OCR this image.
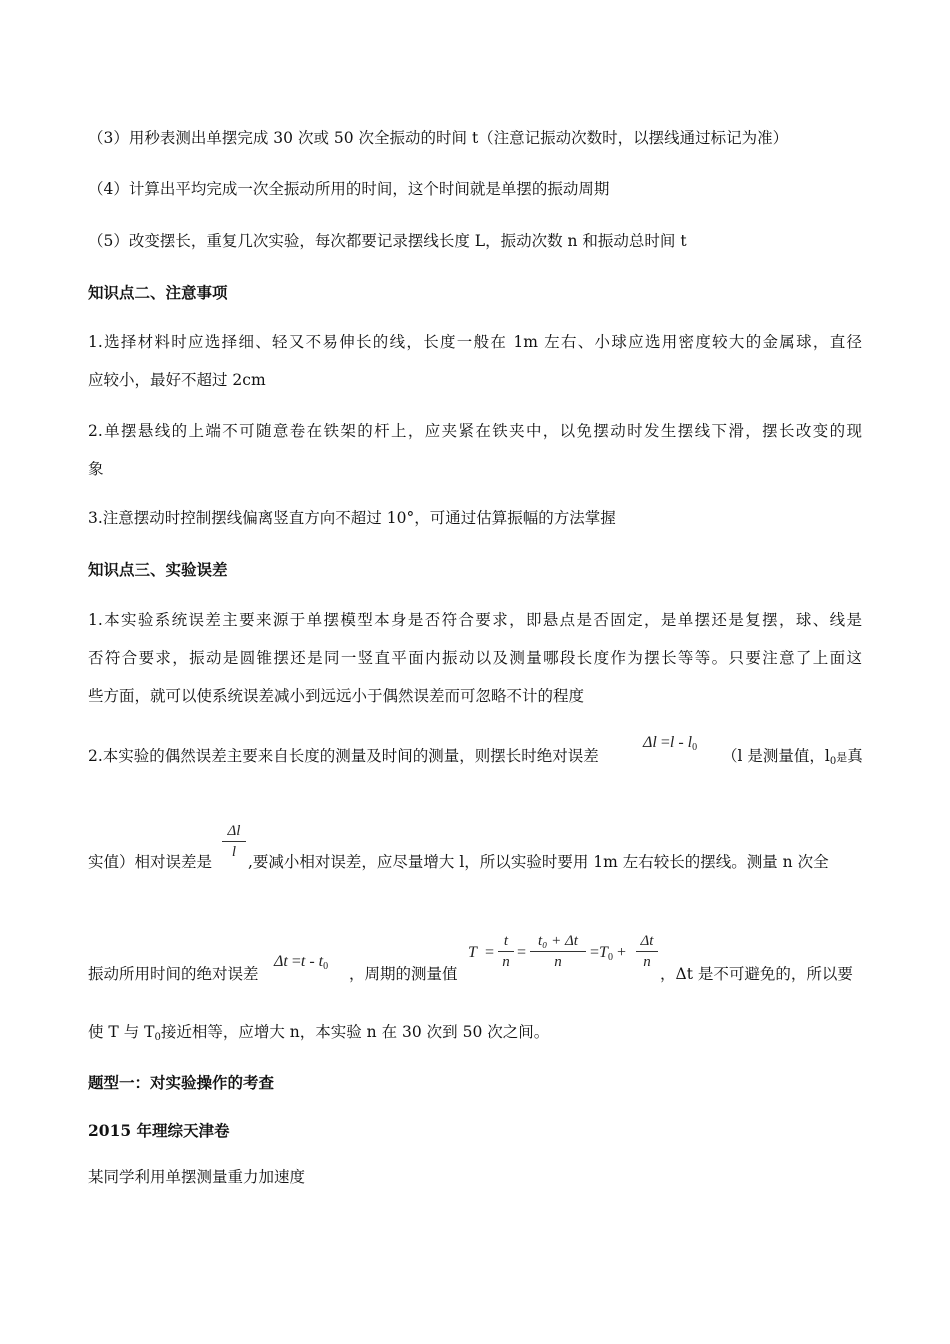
（3）用秒表测出单摆完成 30 次或 50 次全振动的时间 t（注意记振动次数时，以摆线通过标记为准）
（4）计算出平均完成一次全振动所用的时间，这个时间就是单摆的振动周期
（5）改变摆长，重复几次实验，每次都要记录摆线长度 L，振动次数 n 和振动总时间 t
知识点二、注意事项
1.选择材料时应选择细、轻又不易伸长的线，长度一般在 1m 左右、小球应选用密度较大的金属球，直径
应较小，最好不超过 2cm
2.单摆悬线的上端不可随意卷在铁架的杆上，应夹紧在铁夹中，以免摆动时发生摆线下滑，摆长改变的现
象
3.注意摆动时控制摆线偏离竖直方向不超过 10°，可通过估算振幅的方法掌握
知识点三、实验误差
1.本实验系统误差主要来源于单摆模型本身是否符合要求，即悬点是否固定，是单摆还是复摆，球、线是
否符合要求，振动是圆锥摆还是同一竖直平面内振动以及测量哪段长度作为摆长等等。只要注意了上面这
些方面，就可以使系统误差减小到远远小于偶然误差而可忽略不计的程度
2.本实验的偶然误差主要来自长度的测量及时间的测量，则摆长时绝对误差
$\Delta l =l - l_0$ （l 是测量值，$l_0$是真
实值）相对误差是
Δl
l
,要减小相对误差，应尽量增大 l，所以实验时要用 1m 左右较长的摆线。测量 n 次全
振动所用时间的绝对误差
$\Delta t =t - t_0$ ，周期的测量值
T =
t
n
=
t₀ + Δt
n
$=T_0$ +
Δt
n
，Δt 是不可避免的，所以要
使 T 与 $T_0$接近相等，应增大 n，本实验 n 在 30 次到 50 次之间。
题型一：对实验操作的考查
2015 年理综天津卷
某同学利用单摆测量重力加速度
